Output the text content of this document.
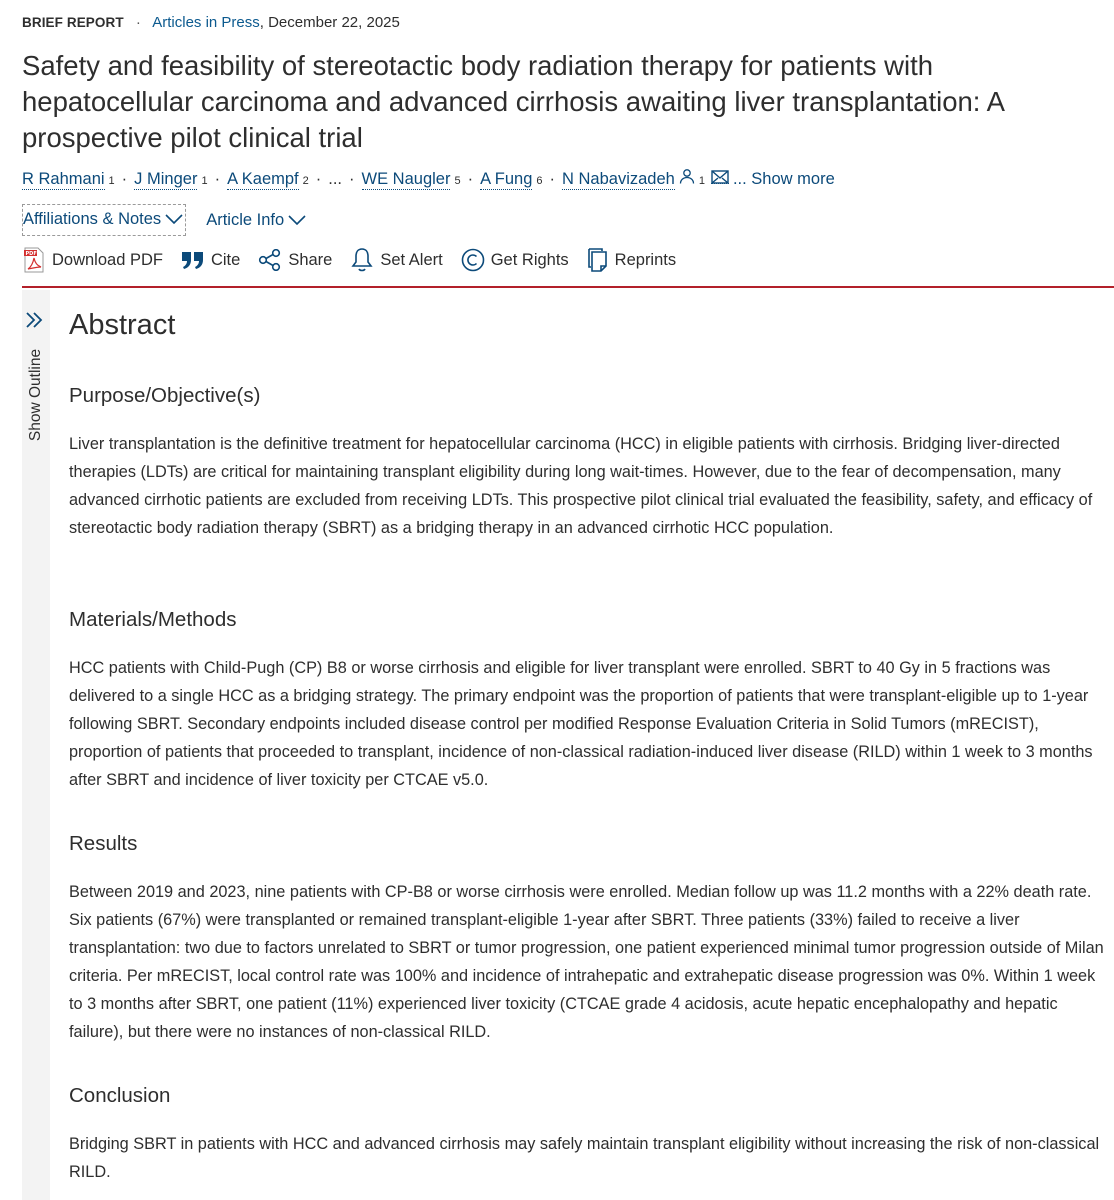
BRIEF REPORT · Articles in Press, December 22, 2025
Safety and feasibility of stereotactic body radiation therapy for patients with hepatocellular carcinoma and advanced cirrhosis awaiting liver transplantation: A prospective pilot clinical trial
R Rahmani 1 · J Minger 1 · A Kaempf 2 · ... · WE Naugler 5 · A Fung 6 · N Nabavizadeh 1 ... Show more
Affiliations & Notes	Article Info
PDF Download PDF	Cite	Share	Set Alert	Get Rights	Reprints
Show Outline
Abstract
Purpose/Objective(s)

Liver transplantation is the definitive treatment for hepatocellular carcinoma (HCC) in eligible patients with cirrhosis. Bridging liver-directed therapies (LDTs) are critical for maintaining transplant eligibility during long wait-times. However, due to the fear of decompensation, many advanced cirrhotic patients are excluded from receiving LDTs. This prospective pilot clinical trial evaluated the feasibility, safety, and efficacy of stereotactic body radiation therapy (SBRT) as a bridging therapy in an advanced cirrhotic HCC population.

Materials/Methods

HCC patients with Child-Pugh (CP) B8 or worse cirrhosis and eligible for liver transplant were enrolled. SBRT to 40 Gy in 5 fractions was delivered to a single HCC as a bridging strategy. The primary endpoint was the proportion of patients that were transplant-eligible up to 1-year following SBRT. Secondary endpoints included disease control per modified Response Evaluation Criteria in Solid Tumors (mRECIST), proportion of patients that proceeded to transplant, incidence of non-classical radiation-induced liver disease (RILD) within 1 week to 3 months after SBRT and incidence of liver toxicity per CTCAE v5.0.

Results

Between 2019 and 2023, nine patients with CP-B8 or worse cirrhosis were enrolled. Median follow up was 11.2 months with a 22% death rate. Six patients (67%) were transplanted or remained transplant-eligible 1-year after SBRT. Three patients (33%) failed to receive a liver transplantation: two due to factors unrelated to SBRT or tumor progression, one patient experienced minimal tumor progression outside of Milan criteria. Per mRECIST, local control rate was 100% and incidence of intrahepatic and extrahepatic disease progression was 0%. Within 1 week to 3 months after SBRT, one patient (11%) experienced liver toxicity (CTCAE grade 4 acidosis, acute hepatic encephalopathy and hepatic failure), but there were no instances of non-classical RILD.

Conclusion

Bridging SBRT in patients with HCC and advanced cirrhosis may safely maintain transplant eligibility without increasing the risk of non-classical RILD.
